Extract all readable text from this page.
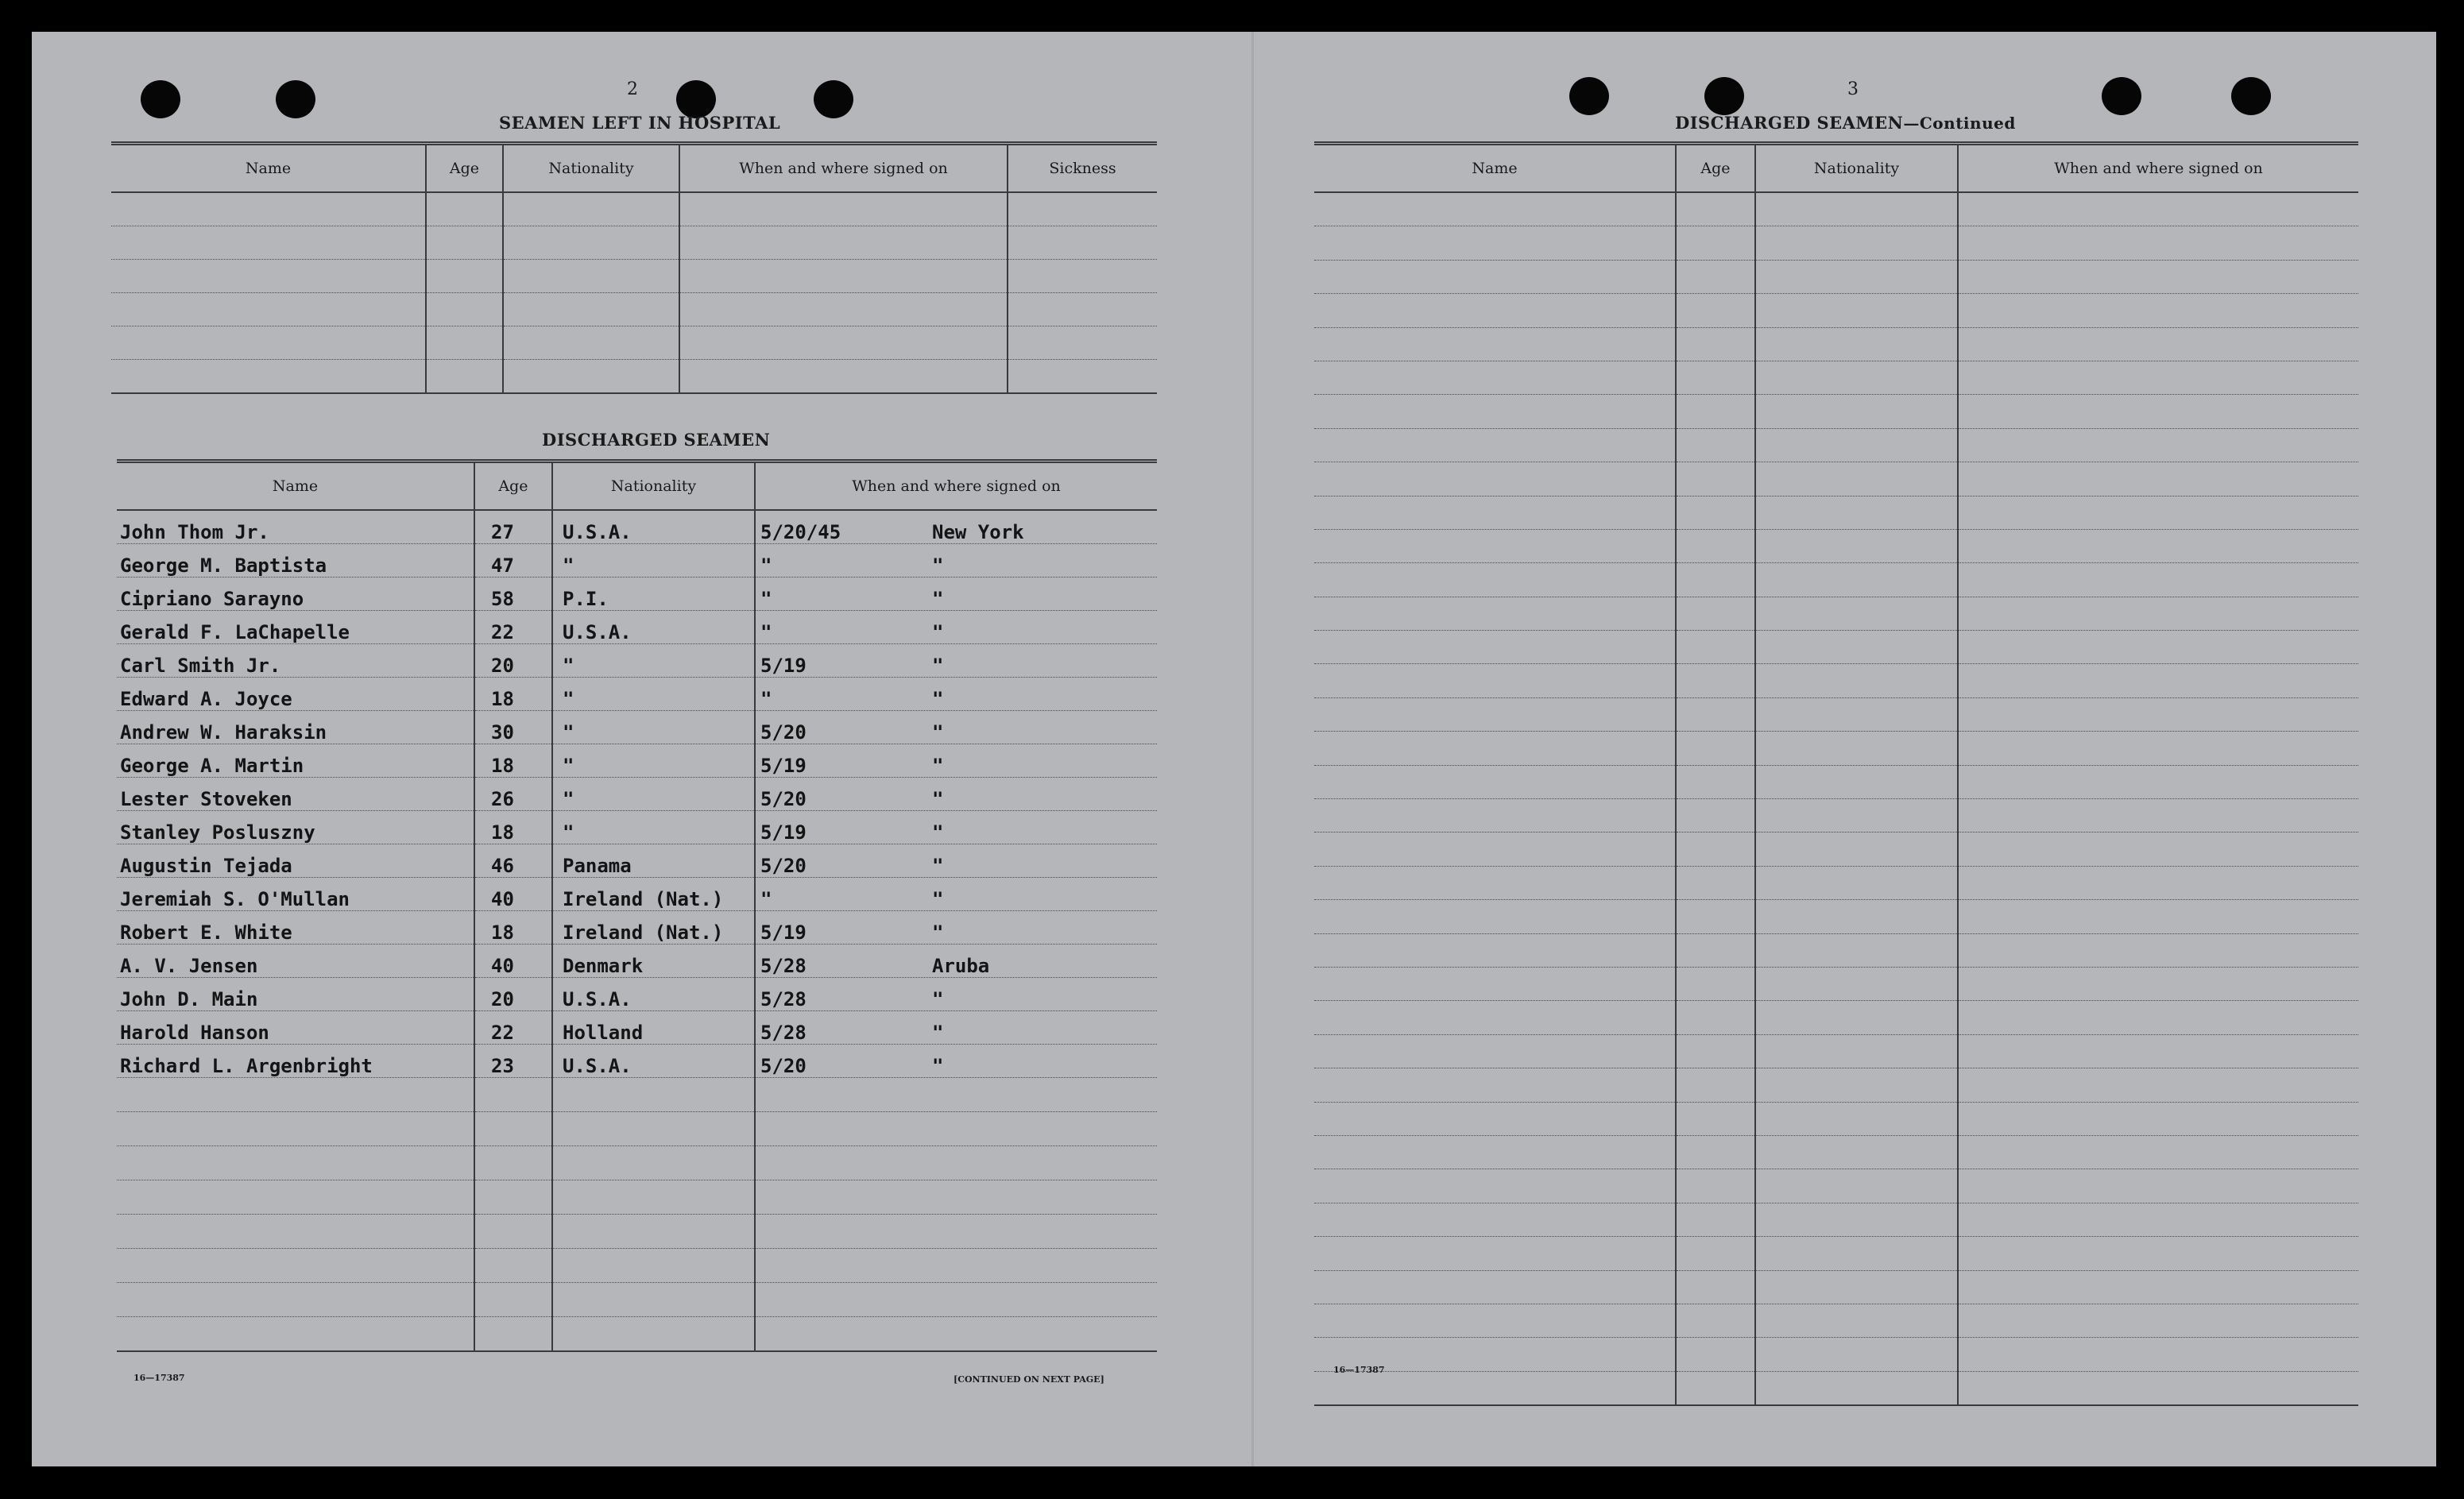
2
SEAMEN LEFT IN HOSPITAL
Name	Age	Nationality	When and where signed on	Sickness

DISCHARGED SEAMEN
Name	Age	Nationality	When and where signed on
John Thom Jr.	27	U.S.A.	5/20/45 New York
George M. Baptista	47	"	" "
Cipriano Sarayno	58	P.I.	" "
Gerald F. LaChapelle	22	U.S.A.	" "
Carl Smith Jr.	20	"	5/19 "
Edward A. Joyce	18	"	" "
Andrew W. Haraksin	30	"	5/20 "
George A. Martin	18	"	5/19 "
Lester Stoveken	26	"	5/20 "
Stanley Posluszny	18	"	5/19 "
Augustin Tejada	46	Panama	5/20 "
Jeremiah S. O'Mullan	40	Ireland (Nat.)	" "
Robert E. White	18	Ireland (Nat.)	5/19 "
A. V. Jensen	40	Denmark	5/28 Aruba
John D. Main	20	U.S.A.	5/28 "
Harold Hanson	22	Holland	5/28 "
Richard L. Argenbright	23	U.S.A.	5/20 "

16—17387	[CONTINUED ON NEXT PAGE]
3
DISCHARGED SEAMEN—Continued
Name	Age	Nationality	When and where signed on

16—17387
